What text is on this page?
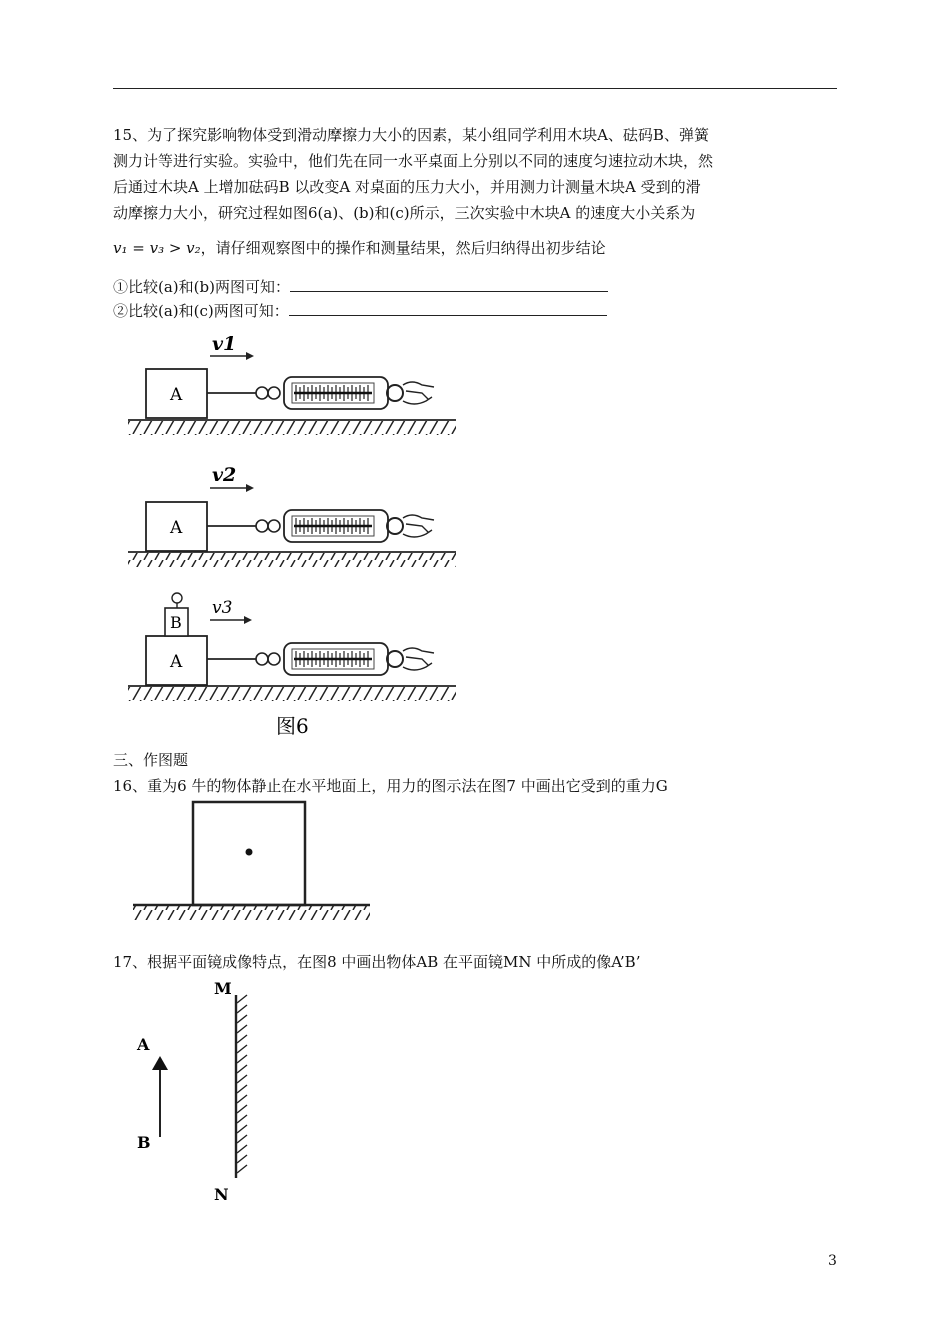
15、为了探究影响物体受到滑动摩擦力大小的因素，某小组同学利用木块A、砝码B、弹簧
测力计等进行实验。实验中，他们先在同一水平桌面上分别以不同的速度匀速拉动木块，然
后通过木块A 上增加砝码B 以改变A 对桌面的压力大小，并用测力计测量木块A 受到的滑
动摩擦力大小，研究过程如图6(a)、(b)和(c)所示，三次实验中木块A 的速度大小关系为
v₁ = v₃ > v₂，请仔细观察图中的操作和测量结果，然后归纳得出初步结论
①比较(a)和(b)两图可知：
②比较(a)和(c)两图可知：
A
A
A
B
v1
v2
v3
图6
M
N
A
B
三、作图题
16、重为6 牛的物体静止在水平地面上，用力的图示法在图7 中画出它受到的重力G
17、根据平面镜成像特点，在图8 中画出物体AB 在平面镜MN 中所成的像A’B’
3
